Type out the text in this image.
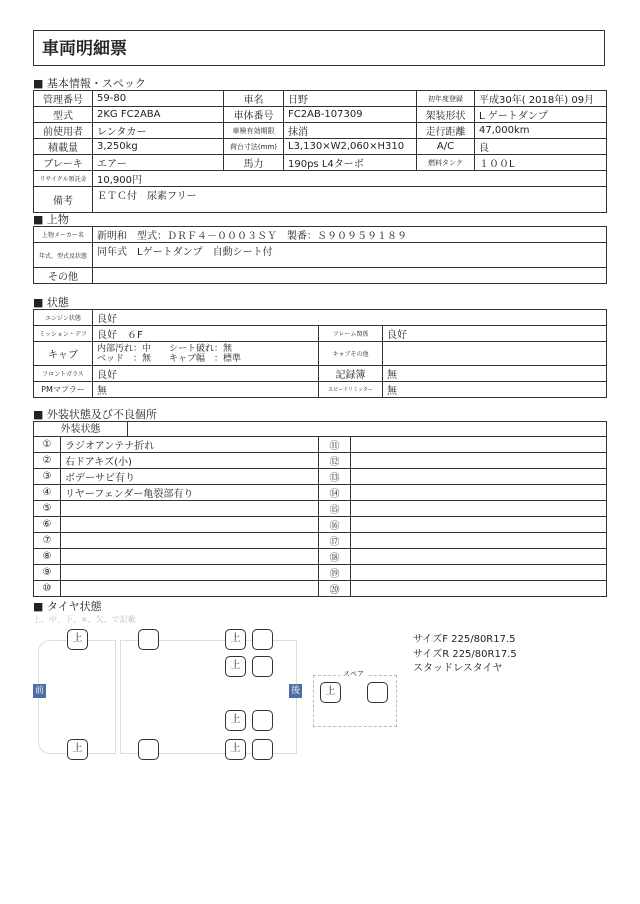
車両明細票
■ 基本情報・スペック
管理番号	59-80	車名	日野	初年度登録	平成30年( 2018年) 09月
型式	2KG FC2ABA	車体番号	FC2AB-107309	架装形状	L ゲートダンプ
前使用者	レンタカー	車検有効期限	抹消	走行距離	47,000km
積載量	3,250kg	荷台寸法(mm)	L3,130×W2,060×H310	A/C	良
ブレーキ	エアー	馬力	190ps L4ターボ	燃料タンク	１００L
リサイクル預託金	10,900円				
備考	ＥＴＣ付　尿素フリー				
■ 上物
上物メーカー名	新明和　型式：ＤＲＦ４－０００３ＳＹ　製番：Ｓ９０９５９１８９
年式、型式及状態	同年式　Lゲートダンプ　自動シート付
その他	
■ 状態
エンジン状態	良好		
ミッション・デフ	良好　６F	フレーム関係	良好
キャブ	内部汚れ：中　　シート破れ：無
ベッド　：無　　キャブ幅　：標準	キャブその他	
フロントガラス	良好	記録簿	無
PMマフラー	無	スピードリミッター	無
■ 外装状態及び不良個所
外装状態
①	ラジオアンテナ折れ	⑪	
②	右ドアキズ(小)	⑫	
③	ボデーサビ有り	⑬	
④	リヤーフェンダー亀裂部有り	⑭	
⑤		⑮	
⑥		⑯	
⑦		⑰	
⑧		⑱	
⑨		⑲	
⑩		⑳	
■ タイヤ状態
上、中、下、×、欠、で記載
前	後
上
上
上
上
上
上
スペア
上
サイズF 225/80R17.5
サイズR 225/80R17.5
スタッドレスタイヤ
